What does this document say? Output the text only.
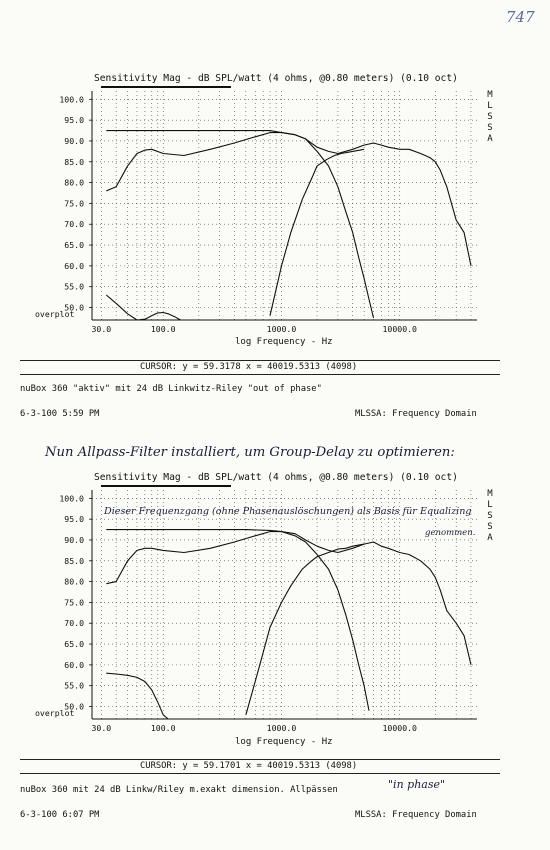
747
Sensitivity Mag - dB SPL/watt (4 ohms, @0.80 meters) (0.10 oct)
M
L
S
S
A
100.0
95.0
90.0
85.0
80.0
75.0
70.0
65.0
60.0
55.0
50.0
30.0	100.0	1000.0	10000.0
overplot
log Frequency - Hz
CURSOR: y = 59.3178 x = 40019.5313 (4098)
nuBox 360 "aktiv" mit 24 dB Linkwitz-Riley "out of phase"
6-3-100 5:59 PM	MLSSA: Frequency Domain
Nun Allpass-Filter installiert, um Group-Delay zu optimieren:
Sensitivity Mag - dB SPL/watt (4 ohms, @0.80 meters) (0.10 oct)
M
L
S
S
A
100.0
95.0
90.0
85.0
80.0
75.0
70.0
65.0
60.0
55.0
50.0
30.0	100.0	1000.0	10000.0
Dieser Frequenzgang (ohne Phasenauslöschungen) als Basis für Equalizing
genommen.
overplot
log Frequency - Hz
CURSOR: y = 59.1701 x = 40019.5313 (4098)
nuBox 360 mit 24 dB Linkw/Riley m.exakt dimension. Allpässen	"in phase"
6-3-100 6:07 PM	MLSSA: Frequency Domain
